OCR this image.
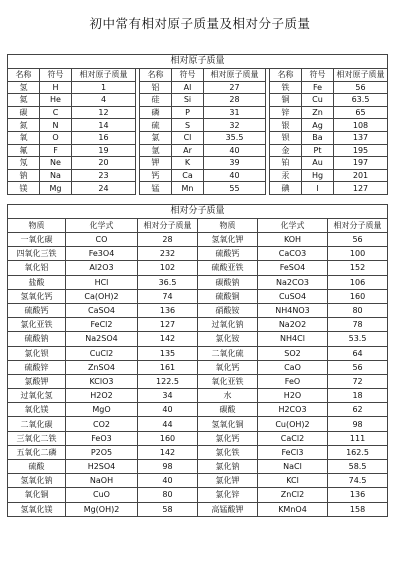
初中常有相对原子质量及相对分子质量
相对原子质量										
名称	符号	相对原子质量		名称	符号	相对原子质量		名称	符号	相对原子质量
氢	H	1		铝	Al	27		铁	Fe	56
氦	He	4		硅	Si	28		铜	Cu	63.5
碳	C	12		磷	P	31		锌	Zn	65
氮	N	14		硫	S	32		银	Ag	108
氧	O	16		氯	Cl	35.5		钡	Ba	137
氟	F	19		氩	Ar	40		金	Pt	195
氖	Ne	20		钾	K	39		铂	Au	197
钠	Na	23		钙	Ca	40		汞	Hg	201
镁	Mg	24		锰	Mn	55		碘	I	127
相对分子质量					
物质	化学式	相对分子质量	物质	化学式	相对分子质量
一氧化碳	CO	28	氢氧化钾	KOH	56
四氧化三铁	Fe3O4	232	硫酸钙	CaCO3	100
氧化铝	Al2O3	102	硫酸亚铁	FeSO4	152
盐酸	HCl	36.5	碳酸钠	Na2CO3	106
氢氧化钙	Ca(OH)2	74	硫酸铜	CuSO4	160
硫酸钙	CaSO4	136	硝酸铵	NH4NO3	80
氯化亚铁	FeCl2	127	过氧化钠	Na2O2	78
硫酸钠	Na2SO4	142	氯化铵	NH4Cl	53.5
氯化钡	CuCl2	135	二氧化硫	SO2	64
硫酸锌	ZnSO4	161	氧化钙	CaO	56
氯酸钾	KClO3	122.5	氧化亚铁	FeO	72
过氧化氢	H2O2	34	水	H2O	18
氧化镁	MgO	40	碳酸	H2CO3	62
二氧化碳	CO2	44	氢氧化铜	Cu(OH)2	98
三氧化二铁	FeO3	160	氯化钙	CaCl2	111
五氧化二磷	P2O5	142	氯化铁	FeCl3	162.5
硫酸	H2SO4	98	氯化钠	NaCl	58.5
氢氧化钠	NaOH	40	氯化钾	KCl	74.5
氧化铜	CuO	80	氯化锌	ZnCl2	136
氢氧化镁	Mg(OH)2	58	高锰酸钾	KMnO4	158
